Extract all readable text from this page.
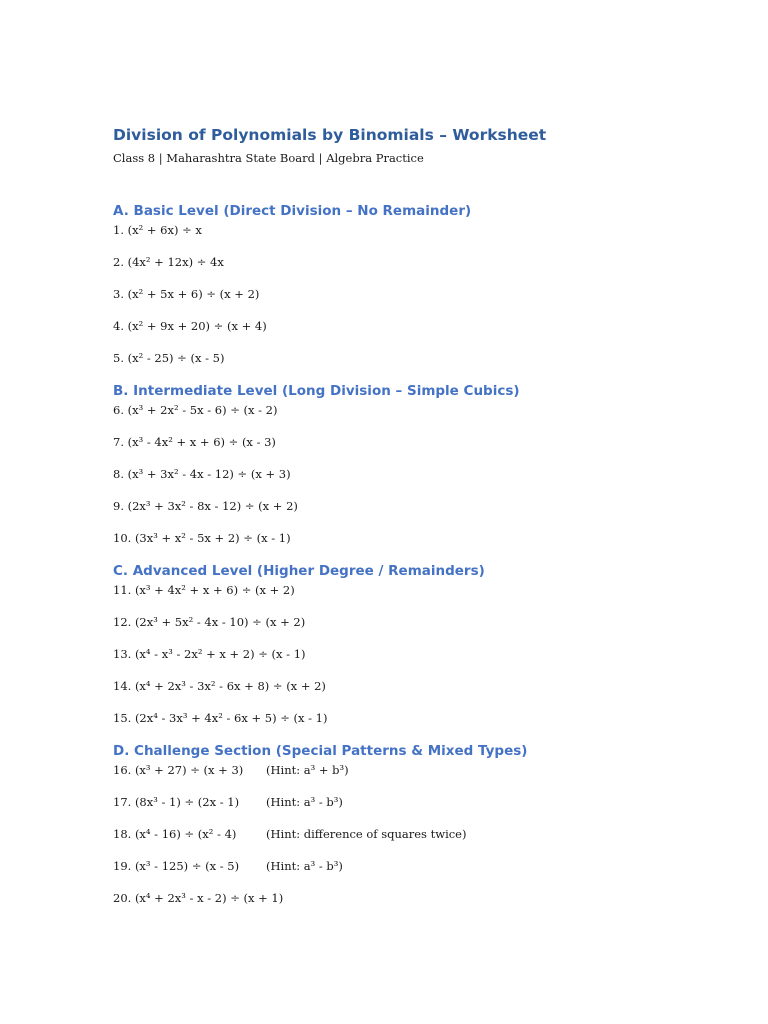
Division of Polynomials by Binomials – Worksheet

Class 8 | Maharashtra State Board | Algebra Practice

A. Basic Level (Direct Division – No Remainder)

1. (x² + 6x) ÷ x

2. (4x² + 12x) ÷ 4x

3. (x² + 5x + 6) ÷ (x + 2)

4. (x² + 9x + 20) ÷ (x + 4)

5. (x² - 25) ÷ (x - 5)

B. Intermediate Level (Long Division – Simple Cubics)

6. (x³ + 2x² - 5x - 6) ÷ (x - 2)

7. (x³ - 4x² + x + 6) ÷ (x - 3)

8. (x³ + 3x² - 4x - 12) ÷ (x + 3)

9. (2x³ + 3x² - 8x - 12) ÷ (x + 2)

10. (3x³ + x² - 5x + 2) ÷ (x - 1)

C. Advanced Level (Higher Degree / Remainders)

11. (x³ + 4x² + x + 6) ÷ (x + 2)

12. (2x³ + 5x² - 4x - 10) ÷ (x + 2)

13. (x⁴ - x³ - 2x² + x + 2) ÷ (x - 1)

14. (x⁴ + 2x³ - 3x² - 6x + 8) ÷ (x + 2)

15. (2x⁴ - 3x³ + 4x² - 6x + 5) ÷ (x - 1)

D. Challenge Section (Special Patterns & Mixed Types)

16. (x³ + 27) ÷ (x + 3) (Hint: a³ + b³)

17. (8x³ - 1) ÷ (2x - 1) (Hint: a³ - b³)

18. (x⁴ - 16) ÷ (x² - 4)	(Hint: difference of squares twice)

19. (x³ - 125) ÷ (x - 5) (Hint: a³ - b³)

20. (x⁴ + 2x³ - x - 2) ÷ (x + 1)
